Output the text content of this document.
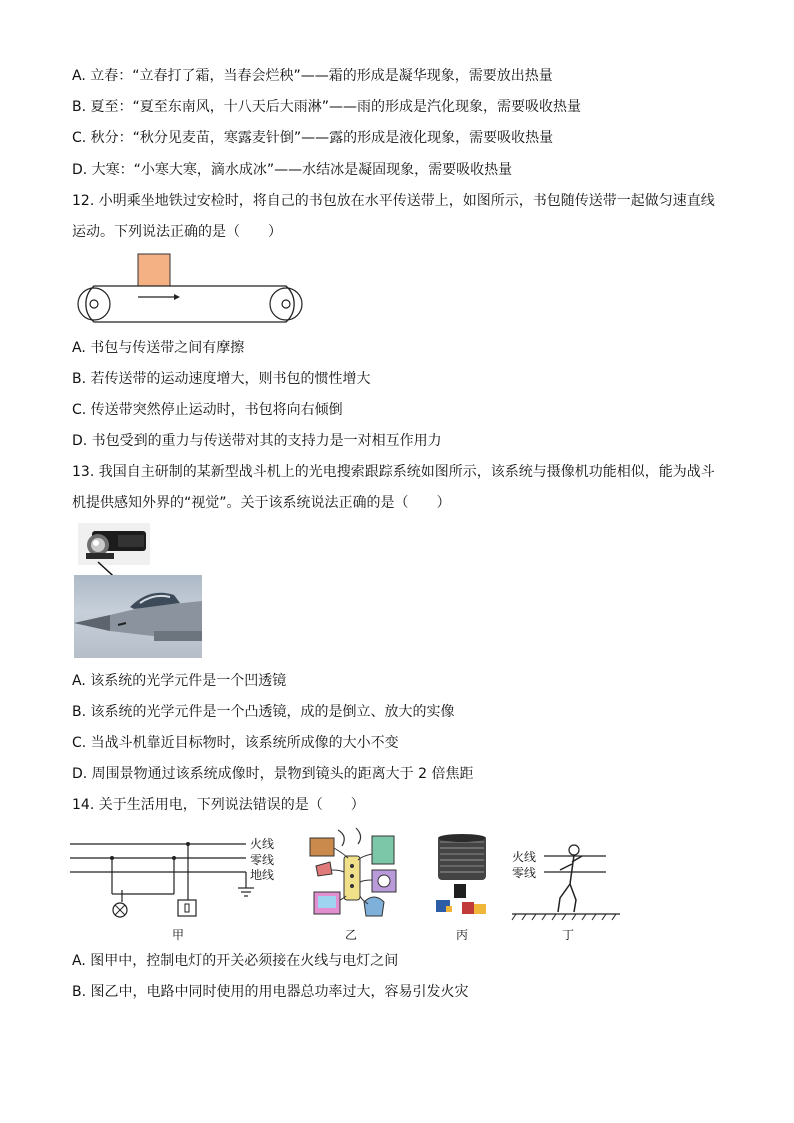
A. 立春：“立春打了霜，当春会烂秧”——霜的形成是凝华现象，需要放出热量
B. 夏至：“夏至东南风，十八天后大雨淋”——雨的形成是汽化现象，需要吸收热量
C. 秋分：“秋分见麦苗，寒露麦针倒”——露的形成是液化现象，需要吸收热量
D. 大寒：“小寒大寒，滴水成冰”——水结冰是凝固现象，需要吸收热量
12. 小明乘坐地铁过安检时，将自己的书包放在水平传送带上，如图所示，书包随传送带一起做匀速直线
运动。下列说法正确的是（　　）
A. 书包与传送带之间有摩擦
B. 若传送带的运动速度增大，则书包的惯性增大
C. 传送带突然停止运动时，书包将向右倾倒
D. 书包受到的重力与传送带对其的支持力是一对相互作用力
13. 我国自主研制的某新型战斗机上的光电搜索跟踪系统如图所示，该系统与摄像机功能相似，能为战斗
机提供感知外界的“视觉”。关于该系统说法正确的是（　　）
A. 该系统的光学元件是一个凹透镜
B. 该系统的光学元件是一个凸透镜，成的是倒立、放大的实像
C. 当战斗机靠近目标物时，该系统所成像的大小不变
D. 周围景物通过该系统成像时，景物到镜头的距离大于 2 倍焦距
14. 关于生活用电，下列说法错误的是（　　）
火线
零线
地线
甲	乙	丙
火线
零线
丁
A. 图甲中，控制电灯的开关必须接在火线与电灯之间
B. 图乙中，电路中同时使用的用电器总功率过大，容易引发火灾
